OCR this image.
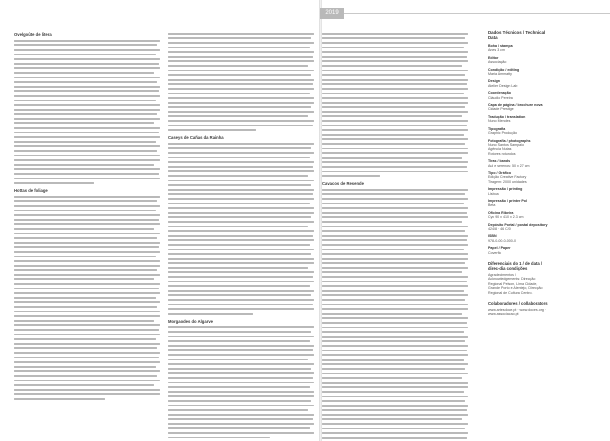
Ovelgoûte de litera
Hottas de foliage
Caseys de Cañas da Rainha
Morgaodes do Algarve
Cavacos de Resende
2019
Dados Técnicos / Technical Data
Boha / stampa
Anes 3 cm
Editor
Associação
Condição / editing
Maria Ammatty
Design
Atelier Design Lab
Coordenação
Cláudio Pereira
Capa de página / brochure nova
Cidade Prestige
Tradução / translation
Nuno Mendes
Tipografia
Graphic Produção
Fotografia / photographs
Nuno Santos Sampaio
Agência Nutas
Rotores rotundos
Tiras / bands
Aul e serenos: 50 x 27 cm
Tipo / Gráfico
Edição Creative Factory
Tiragem: 2000 unidades
Impressão / printing
Lisboa
Impressão / printer Pol
Beta
Oficina Ribeira
Cyc 90 x 410 x 2.3 cm
Depósito Portal / postal depository
424/8 · 46 C/0
ISBN
978-0-00-0-000-0
Papel / Paper
Coverfic
Diferenciais do 1 / de data / direc-dia condições
Agradecimentos / Acknowledgements: Direcção Regional Pelson, Lima Cidade, Grande Porto e Alentejo, Direcção Regional de Cultura Centro.
Colaboradores / collaborators
www.artesdoce.pt · www.doces.org · www.associacao.pt
